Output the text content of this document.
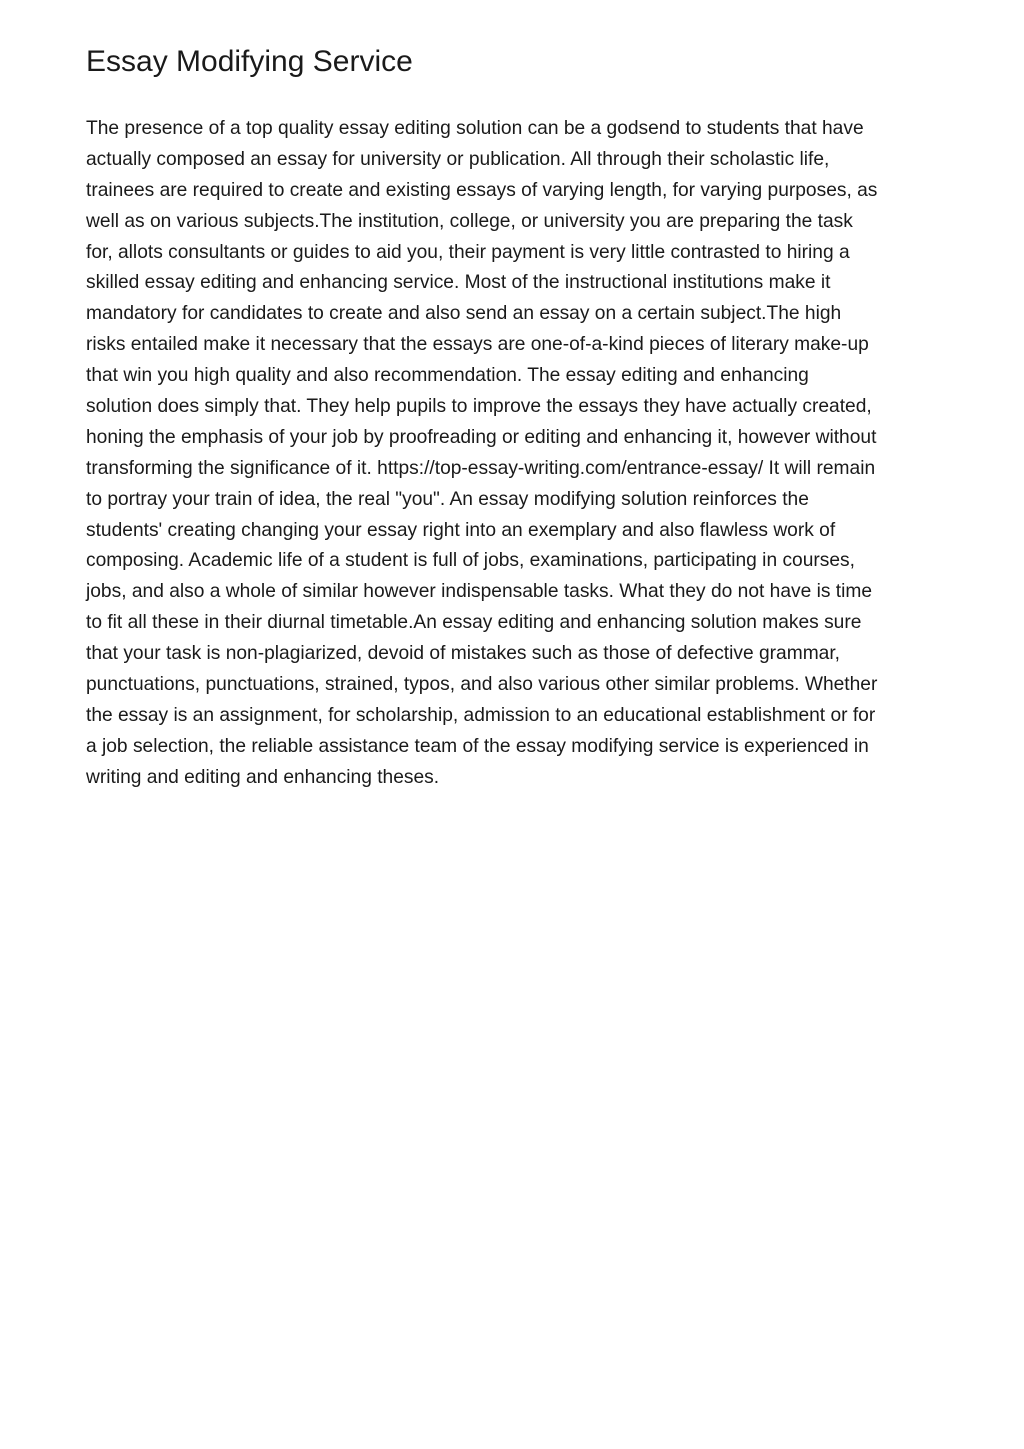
Essay Modifying Service
The presence of a top quality essay editing solution can be a godsend to students that have
actually composed an essay for university or publication. All through their scholastic life,
trainees are required to create and existing essays of varying length, for varying purposes, as
well as on various subjects.The institution, college, or university you are preparing the task
for, allots consultants or guides to aid you, their payment is very little contrasted to hiring a
skilled essay editing and enhancing service. Most of the instructional institutions make it
mandatory for candidates to create and also send an essay on a certain subject.The high
risks entailed make it necessary that the essays are one-of-a-kind pieces of literary make-up
that win you high quality and also recommendation. The essay editing and enhancing
solution does simply that. They help pupils to improve the essays they have actually created,
honing the emphasis of your job by proofreading or editing and enhancing it, however without
transforming the significance of it. https://top-essay-writing.com/entrance-essay/ It will remain
to portray your train of idea, the real "you". An essay modifying solution reinforces the
students' creating changing your essay right into an exemplary and also flawless work of
composing. Academic life of a student is full of jobs, examinations, participating in courses,
jobs, and also a whole of similar however indispensable tasks. What they do not have is time
to fit all these in their diurnal timetable.An essay editing and enhancing solution makes sure
that your task is non-plagiarized, devoid of mistakes such as those of defective grammar,
punctuations, punctuations, strained, typos, and also various other similar problems. Whether
the essay is an assignment, for scholarship, admission to an educational establishment or for
a job selection, the reliable assistance team of the essay modifying service is experienced in
writing and editing and enhancing theses.
